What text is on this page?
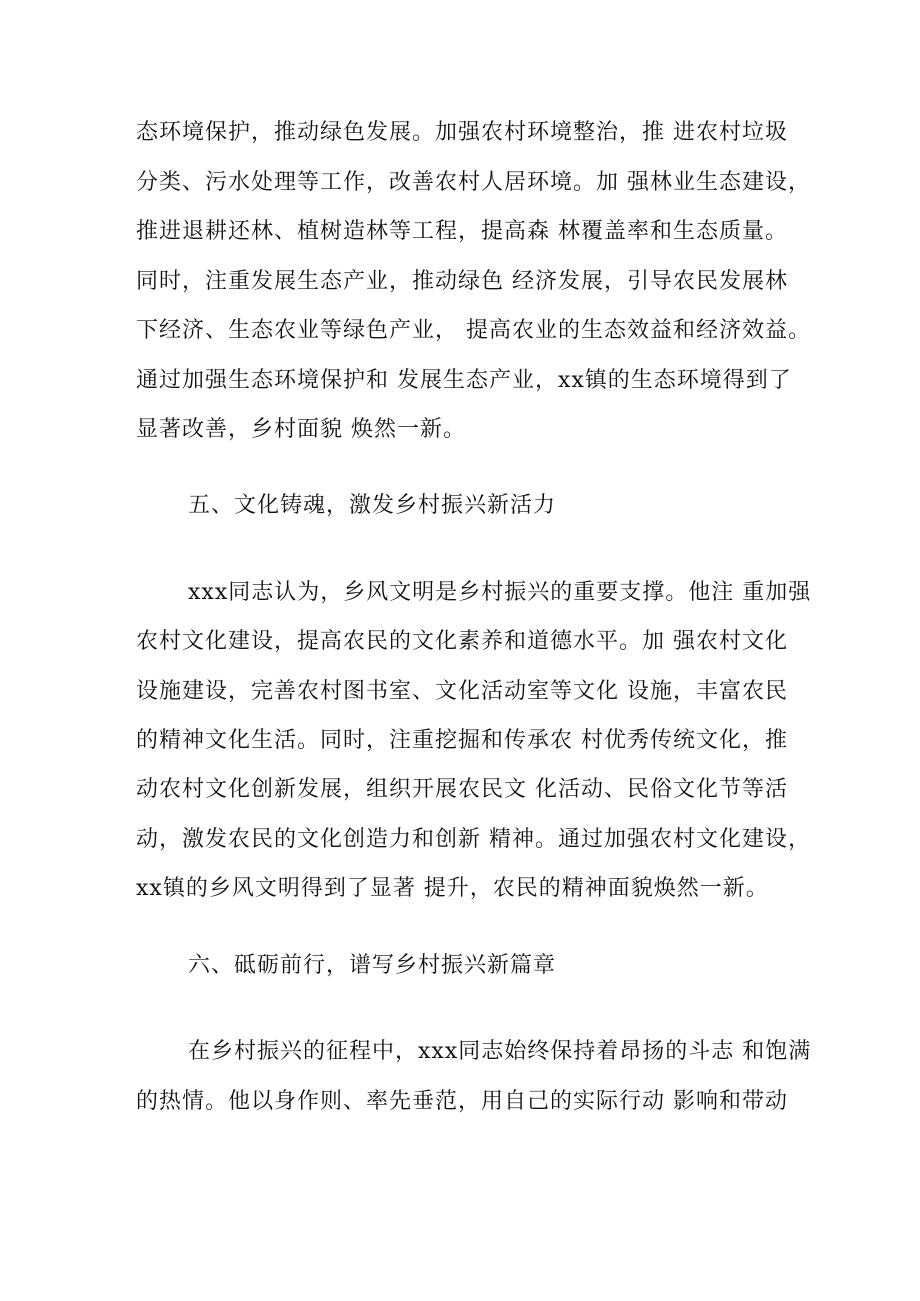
态环境保护，推动绿色发展。加强农村环境整治，推 进农村垃圾
分类、污水处理等工作，改善农村人居环境。加 强林业生态建设，
推进退耕还林、植树造林等工程，提高森 林覆盖率和生态质量。
同时，注重发展生态产业，推动绿色 经济发展，引导农民发展林
下经济、生态农业等绿色产业， 提高农业的生态效益和经济效益。
通过加强生态环境保护和 发展生态产业，xx镇的生态环境得到了
显著改善，乡村面貌 焕然一新。
五、文化铸魂，激发乡村振兴新活力
xxx同志认为，乡风文明是乡村振兴的重要支撑。他注 重加强
农村文化建设，提高农民的文化素养和道德水平。加 强农村文化
设施建设，完善农村图书室、文化活动室等文化 设施，丰富农民
的精神文化生活。同时，注重挖掘和传承农 村优秀传统文化，推
动农村文化创新发展，组织开展农民文 化活动、民俗文化节等活
动，激发农民的文化创造力和创新 精神。通过加强农村文化建设，
xx镇的乡风文明得到了显著 提升，农民的精神面貌焕然一新。
六、砥砺前行，谱写乡村振兴新篇章
在乡村振兴的征程中，xxx同志始终保持着昂扬的斗志 和饱满
的热情。他以身作则、率先垂范，用自己的实际行动 影响和带动
